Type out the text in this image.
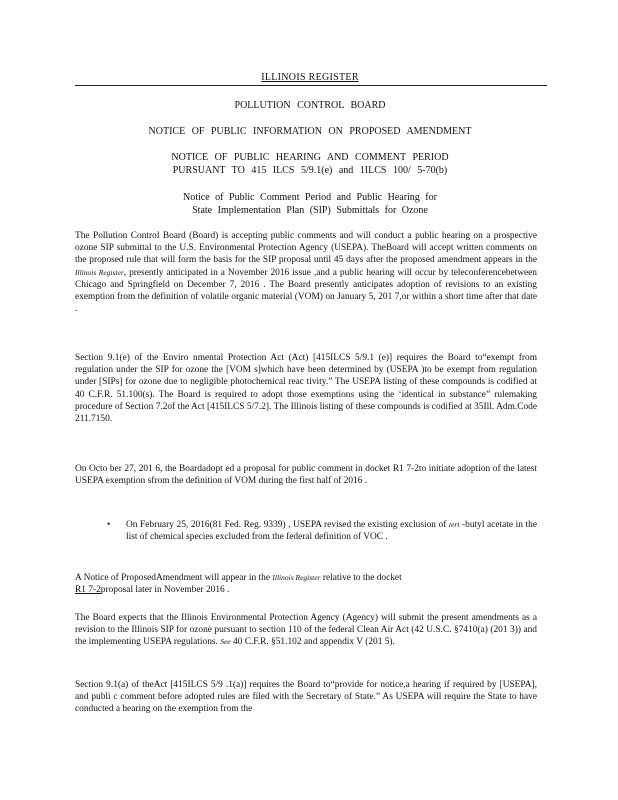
ILLINOIS REGISTER
POLLUTION CONTROL BOARD
NOTICE OF PUBLIC INFORMATION ON PROPOSED AMENDMENT
NOTICE OF PUBLIC HEARING AND COMMENT PERIOD
PURSUANT TO 415 ILCS 5/9.1(e) and 1ILCS 100/ 5-70(b)
Notice of Public Comment Period and Public Hearing for
State Implementation Plan (SIP) Submittals for Ozone

The Pollution Control Board (Board) is accepting public comments and will conduct a public hearing on a prospective ozone SIP submittal to the U.S. Environmental Protection Agency (USEPA). TheBoard will accept written comments on the proposed rule that will form the basis for the SIP proposal until 45 days after the proposed amendment appears in the Illinois Register, presently anticipated in a November 2016 issue ,and a public hearing will occur by teleconferencebetween Chicago and Springfield on December 7, 2016 . The Board presently anticipates adoption of revisions to an existing exemption from the definition of volatile organic material (VOM) on January 5, 201 7,or within a short time after that date .

Section 9.1(e) of the Enviro nmental Protection Act (Act) [415ILCS 5/9.1 (e)] requires the Board to“exempt from regulation under the SIP for ozone the [VOM s]which have been determined by (USEPA )to be exempt from regulation under [SIPs] for ozone due to negligible photochemical reac tivity.” The USEPA listing of these compounds is codified at 40 C.F.R. 51.100(s). The Board is required to adopt those exemptions using the ‘identical in substance” rulemaking procedure of Section 7.2of the Act [415ILCS 5/7.2]. The Illinois listing of these compounds is codified at 35Ill. Adm.Code 211.7150.

On Octo ber 27, 201 6, the Boardadopt ed a proposal for public comment in docket R1 7-2to initiate adoption of the latest USEPA exemption sfrom the definition of VOM during the first half of 2016 .

• On February 25, 2016(81 Fed. Reg. 9339) , USEPA revised the existing exclusion of tert -butyl acetate in the list of chemical species excluded from the federal definition of VOC .
A Notice of ProposedAmendment will appear in the Illinois Register relative to the docket
R1 7-2proposal later in November 2016 .

The Board expects that the Illinois Environmental Protection Agency (Agency) will submit the present amendments as a revision to the Illinois SIP for ozone pursuant to section 110 of the federal Clean Air Act (42 U.S.C. §7410(a) (201 3)) and the implementing USEPA regulations. See 40 C.F.R. §51.102 and appendix V (201 5).

Section 9.1(a) of theAct [415ILCS 5/9 .1(a)] requires the Board to“provide for notice,a hearing if required by [USEPA], and publi c comment before adopted rules are filed with the Secretary of State.” As USEPA will require the State to have conducted a hearing on the exemption from the
